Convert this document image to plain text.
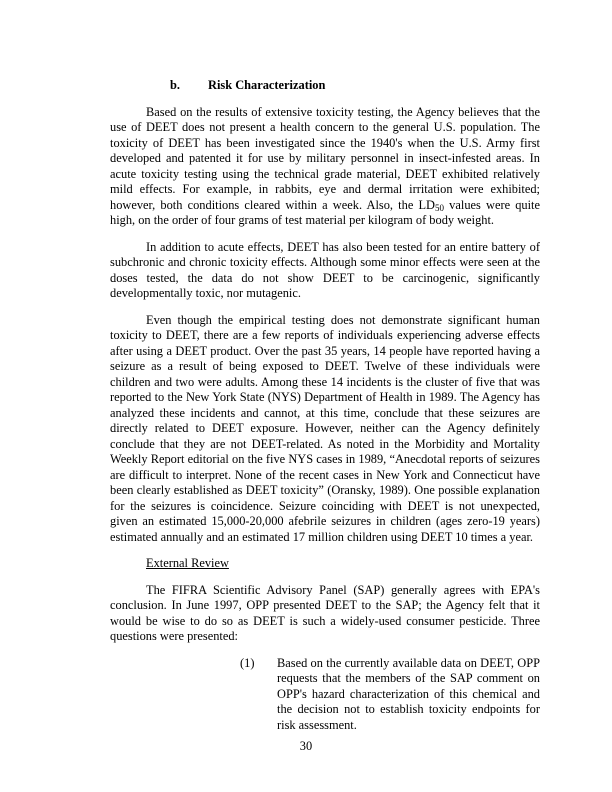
b. Risk Characterization

Based on the results of extensive toxicity testing, the Agency believes that the use of DEET does not present a health concern to the general U.S. population. The toxicity of DEET has been investigated since the 1940's when the U.S. Army first developed and patented it for use by military personnel in insect-infested areas. In acute toxicity testing using the technical grade material, DEET exhibited relatively mild effects. For example, in rabbits, eye and dermal irritation were exhibited; however, both conditions cleared within a week. Also, the $LD_{50}$ values were quite high, on the order of four grams of test material per kilogram of body weight.

In addition to acute effects, DEET has also been tested for an entire battery of subchronic and chronic toxicity effects. Although some minor effects were seen at the doses tested, the data do not show DEET to be carcinogenic, significantly developmentally toxic, nor mutagenic.

Even though the empirical testing does not demonstrate significant human toxicity to DEET, there are a few reports of individuals experiencing adverse effects after using a DEET product. Over the past 35 years, 14 people have reported having a seizure as a result of being exposed to DEET. Twelve of these individuals were children and two were adults. Among these 14 incidents is the cluster of five that was reported to the New York State (NYS) Department of Health in 1989. The Agency has analyzed these incidents and cannot, at this time, conclude that these seizures are directly related to DEET exposure. However, neither can the Agency definitely conclude that they are not DEET-related. As noted in the Morbidity and Mortality Weekly Report editorial on the five NYS cases in 1989, “Anecdotal reports of seizures are difficult to interpret. None of the recent cases in New York and Connecticut have been clearly established as DEET toxicity” (Oransky, 1989). One possible explanation for the seizures is coincidence. Seizure coinciding with DEET is not unexpected, given an estimated 15,000-20,000 afebrile seizures in children (ages zero-19 years) estimated annually and an estimated 17 million children using DEET 10 times a year.

External Review

The FIFRA Scientific Advisory Panel (SAP) generally agrees with EPA's conclusion. In June 1997, OPP presented DEET to the SAP; the Agency felt that it would be wise to do so as DEET is such a widely-used consumer pesticide. Three questions were presented:

(1)	Based on the currently available data on DEET, OPP requests that the members of the SAP comment on OPP's hazard characterization of this chemical and the decision not to establish toxicity endpoints for risk assessment.
30
